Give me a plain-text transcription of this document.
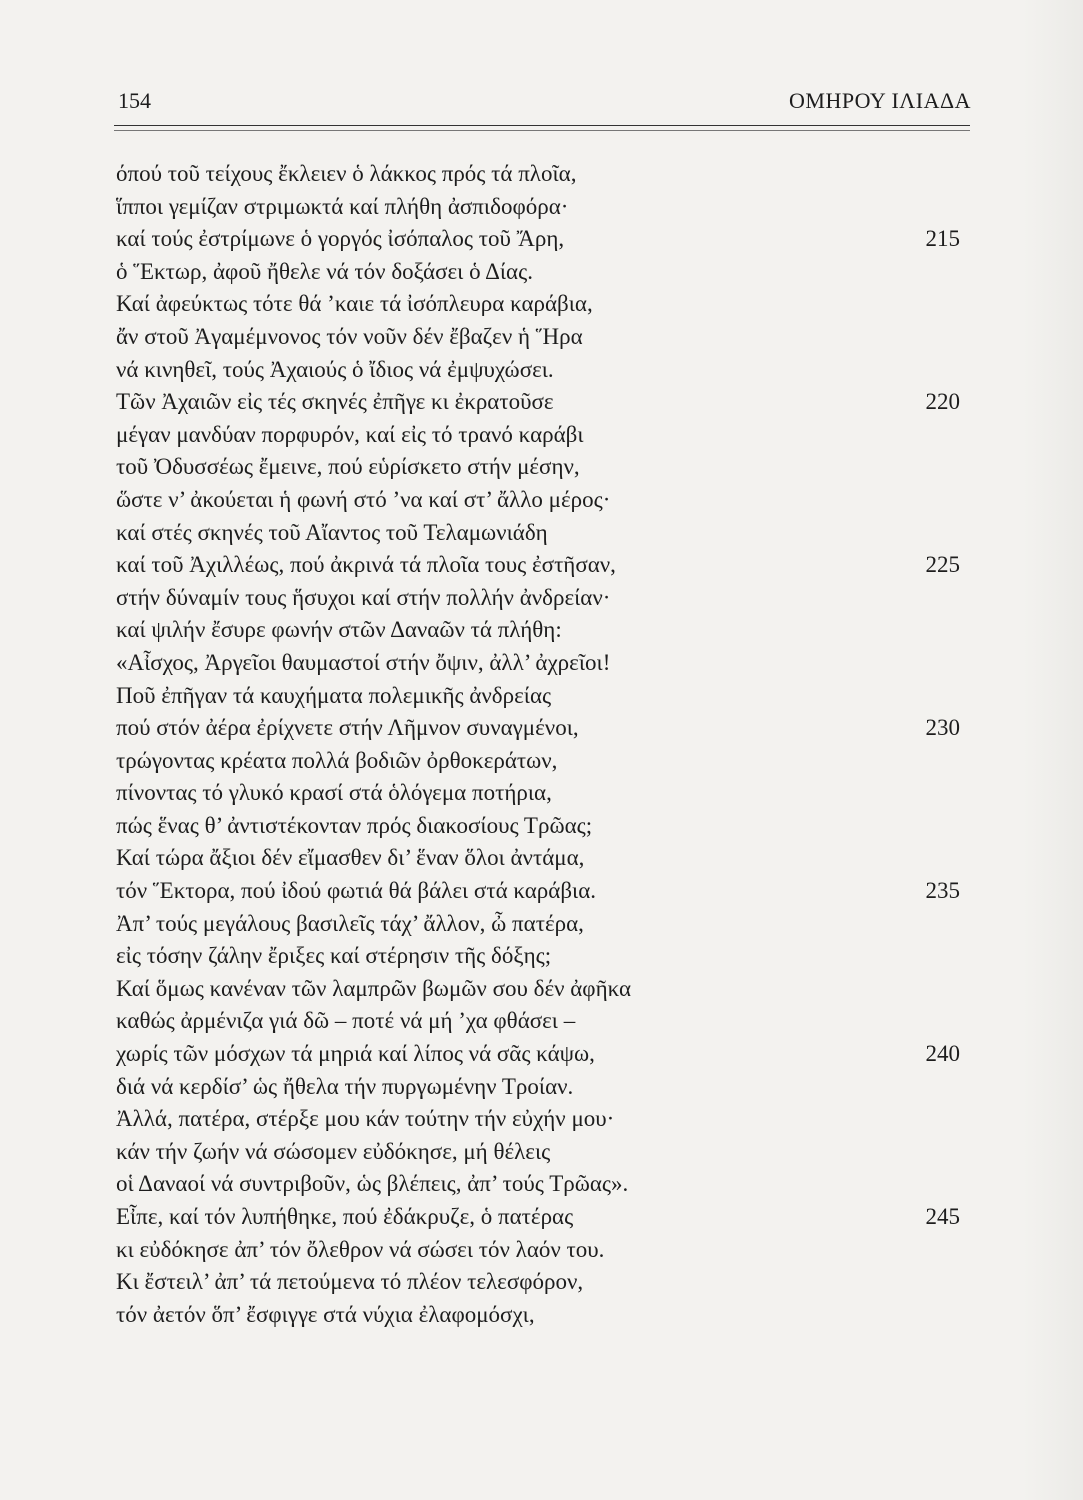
154	ΟΜΗΡΟΥ ΙΛΙΑΔΑ
όπού τοῦ τείχους ἔκλειεν ὁ λάκκος πρός τά πλοῖα,
ἵπποι γεμίζαν στριμωκτά καί πλήθη ἀσπιδοφόρα·
καί τούς ἐστρίμωνε ὁ γοργός ἰσόπαλος τοῦ Ἄρη,	215
ὁ Ἕκτωρ, ἀφοῦ ἤθελε νά τόν δοξάσει ὁ Δίας.
Καί ἀφεύκτως τότε θά ’καιε τά ἰσόπλευρα καράβια,
ἄν στοῦ Ἀγαμέμνονος τόν νοῦν δέν ἔβαζεν ἡ Ἥρα
νά κινηθεῖ, τούς Ἀχαιούς ὁ ἴδιος νά ἐμψυχώσει.
Τῶν Ἀχαιῶν εἰς τές σκηνές ἐπῆγε κι ἐκρατοῦσε	220
μέγαν μανδύαν πορφυρόν, καί εἰς τό τρανό καράβι
τοῦ Ὀδυσσέως ἔμεινε, πού εὑρίσκετο στήν μέσην,
ὥστε ν’ ἀκούεται ἡ φωνή στό ’να καί στ’ ἄλλο μέρος·
καί στές σκηνές τοῦ Αἴαντος τοῦ Τελαμωνιάδη
καί τοῦ Ἀχιλλέως, πού ἀκρινά τά πλοῖα τους ἐστῆσαν,	225
στήν δύναμίν τους ἥσυχοι καί στήν πολλήν ἀνδρείαν·
καί ψιλήν ἔσυρε φωνήν στῶν Δαναῶν τά πλήθη:
«Αἶσχος, Ἀργεῖοι θαυμαστοί στήν ὄψιν, ἀλλ’ ἀχρεῖοι!
Ποῦ ἐπῆγαν τά καυχήματα πολεμικῆς ἀνδρείας
πού στόν ἀέρα ἐρίχνετε στήν Λῆμνον συναγμένοι,	230
τρώγοντας κρέατα πολλά βοδιῶν ὀρθοκεράτων,
πίνοντας τό γλυκό κρασί στά ὁλόγεμα ποτήρια,
πώς ἕνας θ’ ἀντιστέκονταν πρός διακοσίους Τρῶας;
Καί τώρα ἄξιοι δέν εἴμασθεν δι’ ἕναν ὅλοι ἀντάμα,
τόν Ἕκτορα, πού ἰδού φωτιά θά βάλει στά καράβια.	235
Ἀπ’ τούς μεγάλους βασιλεῖς τάχ’ ἄλλον, ὦ πατέρα,
εἰς τόσην ζάλην ἔριξες καί στέρησιν τῆς δόξης;
Καί ὅμως κανέναν τῶν λαμπρῶν βωμῶν σου δέν ἀφῆκα
καθώς ἀρμένιζα γιά δῶ – ποτέ νά μή ’χα φθάσει –
χωρίς τῶν μόσχων τά μηριά καί λίπος νά σᾶς κάψω,	240
διά νά κερδίσ’ ὡς ἤθελα τήν πυργωμένην Τροίαν.
Ἀλλά, πατέρα, στέρξε μου κάν τούτην τήν εὐχήν μου·
κάν τήν ζωήν νά σώσομεν εὐδόκησε, μή θέλεις
οἱ Δαναοί νά συντριβοῦν, ὡς βλέπεις, ἀπ’ τούς Τρῶας».
Εἶπε, καί τόν λυπήθηκε, πού ἐδάκρυζε, ὁ πατέρας	245
κι εὐδόκησε ἀπ’ τόν ὄλεθρον νά σώσει τόν λαόν του.
Κι ἔστειλ’ ἀπ’ τά πετούμενα τό πλέον τελεσφόρον,
τόν ἀετόν ὅπ’ ἔσφιγγε στά νύχια ἐλαφομόσχι,
